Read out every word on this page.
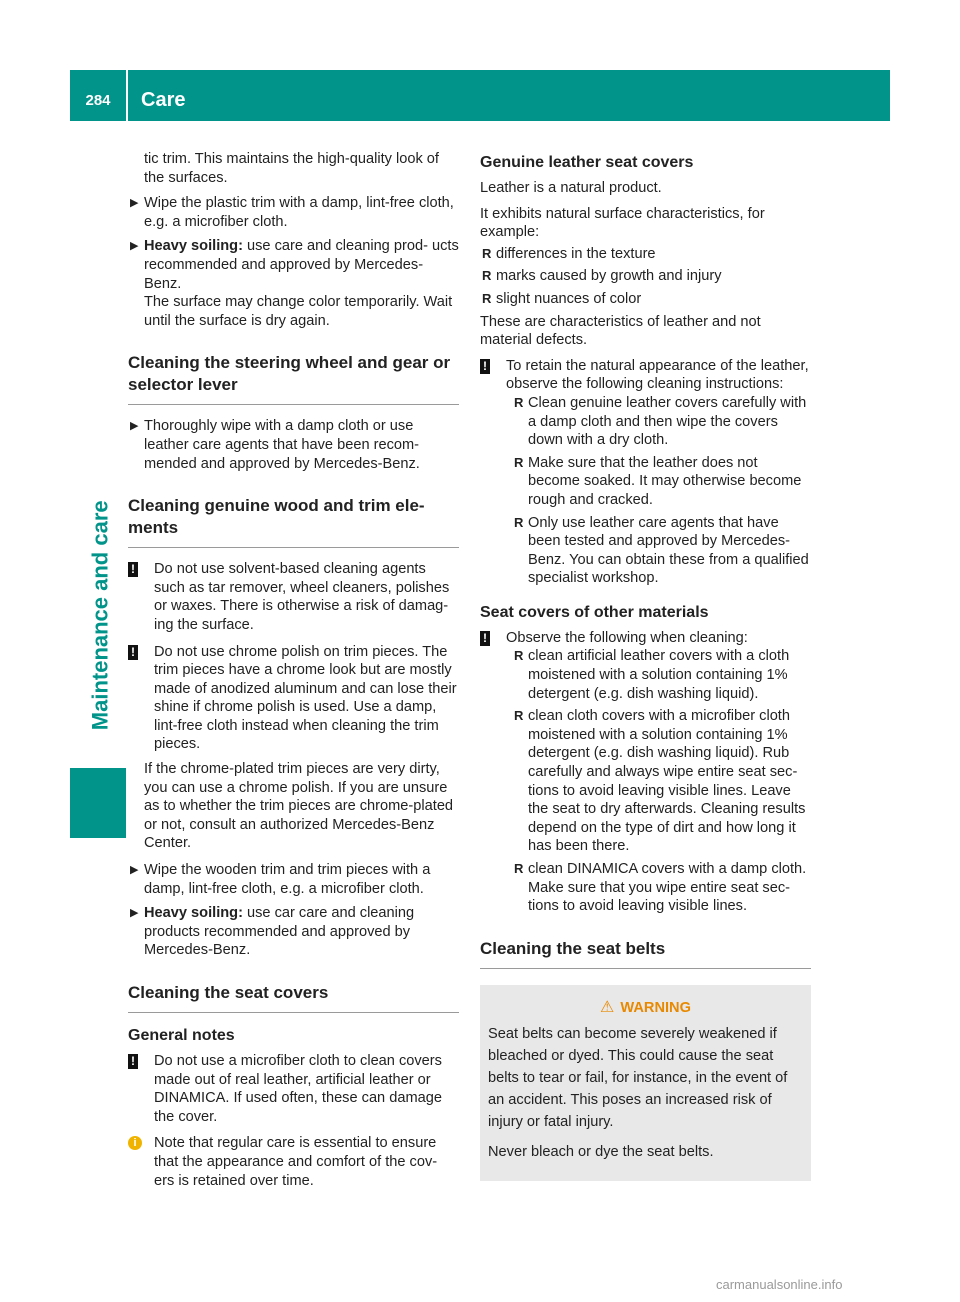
284	Care
Maintenance and care

tic trim. This maintains the high-quality look of the surfaces.

▶ Wipe the plastic trim with a damp, lint-free cloth, e.g. a microfiber cloth.
▶ Heavy soiling: use care and cleaning prod- ucts recommended and approved by Mercedes-Benz.
The surface may change color temporarily. Wait until the surface is dry again.
Cleaning the steering wheel and gear or selector lever
▶ Thoroughly wipe with a damp cloth or use leather care agents that have been recom- mended and approved by Mercedes-Benz.
Cleaning genuine wood and trim ele- ments
!	Do not use solvent-based cleaning agents such as tar remover, wheel cleaners, polishes or waxes. There is otherwise a risk of damag- ing the surface.
!	Do not use chrome polish on trim pieces. The trim pieces have a chrome look but are mostly made of anodized aluminum and can lose their shine if chrome polish is used. Use a damp, lint-free cloth instead when cleaning the trim pieces.
If the chrome-plated trim pieces are very dirty, you can use a chrome polish. If you are unsure as to whether the trim pieces are chrome-plated or not, consult an authorized Mercedes-Benz Center.
▶ Wipe the wooden trim and trim pieces with a damp, lint-free cloth, e.g. a microfiber cloth.
▶ Heavy soiling: use car care and cleaning products recommended and approved by Mercedes-Benz.
Cleaning the seat covers
General notes
!	Do not use a microfiber cloth to clean covers made out of real leather, artificial leather or DINAMICA. If used often, these can damage the cover.
i	Note that regular care is essential to ensure that the appearance and comfort of the cov- ers is retained over time.
Genuine leather seat covers

Leather is a natural product.

It exhibits natural surface characteristics, for example:

R differences in the texture
R marks caused by growth and injury
R slight nuances of color

These are characteristics of leather and not material defects.

!	To retain the natural appearance of the leather, observe the following cleaning instructions:
R Clean genuine leather covers carefully with a damp cloth and then wipe the covers down with a dry cloth.
R Make sure that the leather does not become soaked. It may otherwise become rough and cracked.
R Only use leather care agents that have been tested and approved by Mercedes- Benz. You can obtain these from a qualified specialist workshop.
Seat covers of other materials
!	Observe the following when cleaning:
R clean artificial leather covers with a cloth moistened with a solution containing 1% detergent (e.g. dish washing liquid).
R clean cloth covers with a microfiber cloth moistened with a solution containing 1% detergent (e.g. dish washing liquid). Rub carefully and always wipe entire seat sec- tions to avoid leaving visible lines. Leave the seat to dry afterwards. Cleaning results depend on the type of dirt and how long it has been there.
R clean DINAMICA covers with a damp cloth. Make sure that you wipe entire seat sec- tions to avoid leaving visible lines.
Cleaning the seat belts
⚠ WARNING

Seat belts can become severely weakened if bleached or dyed. This could cause the seat belts to tear or fail, for instance, in the event of an accident. This poses an increased risk of injury or fatal injury.

Never bleach or dye the seat belts.

carmanualsonline.info
